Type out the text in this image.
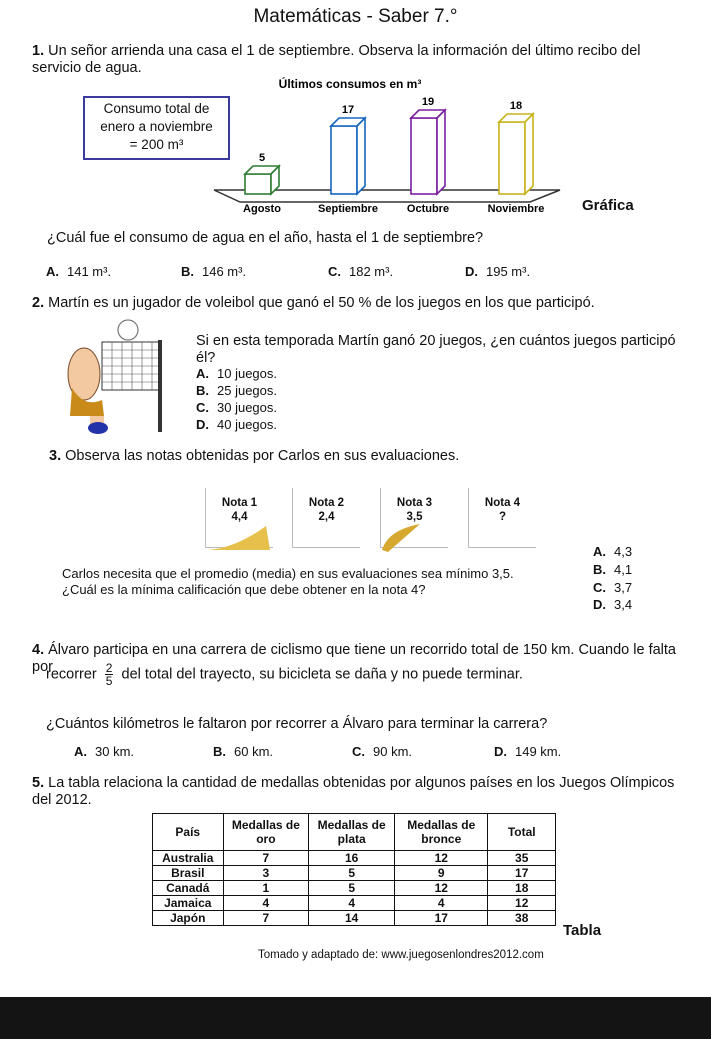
Matemáticas - Saber 7.°
1. Un señor arrienda una casa el 1 de septiembre. Observa la información del último recibo del servicio de agua.
Consumo total de
enero a noviembre
= 200 m³
Últimos consumos en m³
5
Agosto
17
Septiembre
19
Octubre
18
Noviembre	Gráfica
¿Cuál fue el consumo de agua en el año, hasta el 1 de septiembre?
A. 141 m³.	B. 146 m³.	C. 182 m³.	D. 195 m³.
2. Martín es un jugador de voleibol que ganó el 50 % de los juegos en los que participó.
Si en esta temporada Martín ganó 20 juegos, ¿en cuántos juegos participó él?
A. 10 juegos.
B. 25 juegos.
C. 30 juegos.
D. 40 juegos.
3. Observa las notas obtenidas por Carlos en sus evaluaciones.
Nota 1
4,4
Nota 2
2,4
Nota 3
3,5
Nota 4
?
Carlos necesita que el promedio (media) en sus evaluaciones sea mínimo 3,5.
¿Cuál es la mínima calificación que debe obtener en la nota 4?
A. 4,3
B. 4,1
C. 3,7
D. 3,4
4. Álvaro participa en una carrera de ciclismo que tiene un recorrido total de 150 km. Cuando le falta por
recorrer $\frac{2}{5}$ del total del trayecto, su bicicleta se daña y no puede terminar.
¿Cuántos kilómetros le faltaron por recorrer a Álvaro para terminar la carrera?
A. 30 km.	B. 60 km.	C. 90 km.	D. 149 km.
5. La tabla relaciona la cantidad de medallas obtenidas por algunos países en los Juegos Olímpicos del 2012.
País	Medallas de oro	Medallas de plata	Medallas de bronce	Total
Australia	7	16	12	35
Brasil	3	5	9	17
Canadá	1	5	12	18
Jamaica	4	4	4	12
Japón	7	14	17	38
Tabla
Tomado y adaptado de: www.juegosenlondres2012.com
